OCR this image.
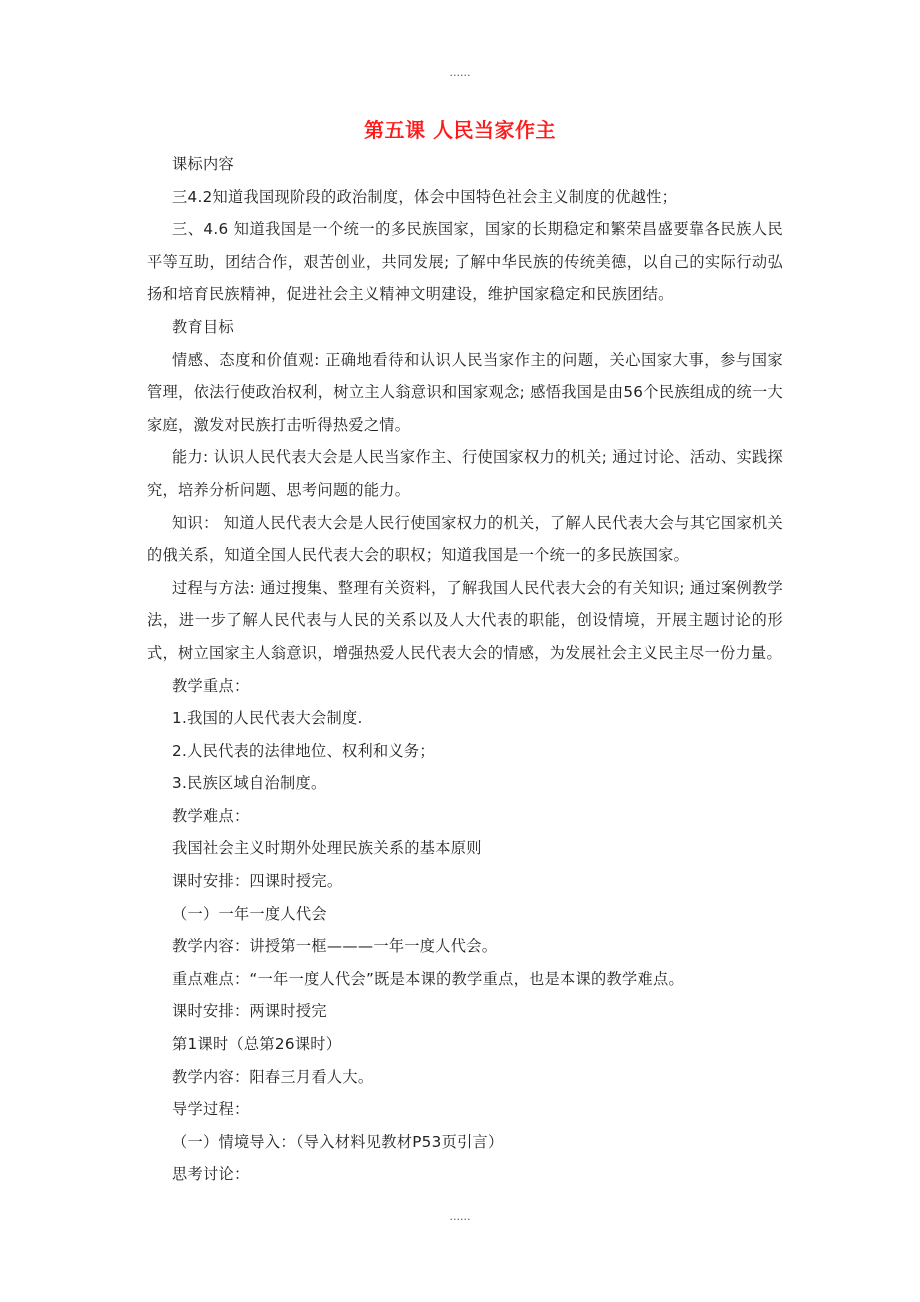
......
第五课 人民当家作主

课标内容

三4.2知道我国现阶段的政治制度，体会中国特色社会主义制度的优越性；

三、4.6 知道我国是一个统一的多民族国家，国家的长期稳定和繁荣昌盛要靠各民族人民平等互助，团结合作，艰苦创业，共同发展; 了解中华民族的传统美德，以自己的实际行动弘扬和培育民族精神，促进社会主义精神文明建设，维护国家稳定和民族团结。

教育目标

情感、态度和价值观: 正确地看待和认识人民当家作主的问题，关心国家大事，参与国家管理，依法行使政治权利，树立主人翁意识和国家观念; 感悟我国是由56个民族组成的统一大家庭，激发对民族打击听得热爱之情。

能力: 认识人民代表大会是人民当家作主、行使国家权力的机关; 通过讨论、活动、实践探究，培养分析问题、思考问题的能力。

知识： 知道人民代表大会是人民行使国家权力的机关，了解人民代表大会与其它国家机关的俄关系，知道全国人民代表大会的职权；知道我国是一个统一的多民族国家。

过程与方法: 通过搜集、整理有关资料，了解我国人民代表大会的有关知识; 通过案例教学法，进一步了解人民代表与人民的关系以及人大代表的职能，创设情境，开展主题讨论的形式，树立国家主人翁意识，增强热爱人民代表大会的情感，为发展社会主义民主尽一份力量。

教学重点：

1.我国的人民代表大会制度.

2.人民代表的法律地位、权利和义务；

3.民族区域自治制度。

教学难点：

我国社会主义时期外处理民族关系的基本原则

课时安排：四课时授完。

（一）一年一度人代会

教学内容：讲授第一框———一年一度人代会。

重点难点：“一年一度人代会”既是本课的教学重点，也是本课的教学难点。

课时安排：两课时授完

第1课时（总第26课时）

教学内容：阳春三月看人大。

导学过程：

（一）情境导入：（导入材料见教材P53页引言）

思考讨论：

......
